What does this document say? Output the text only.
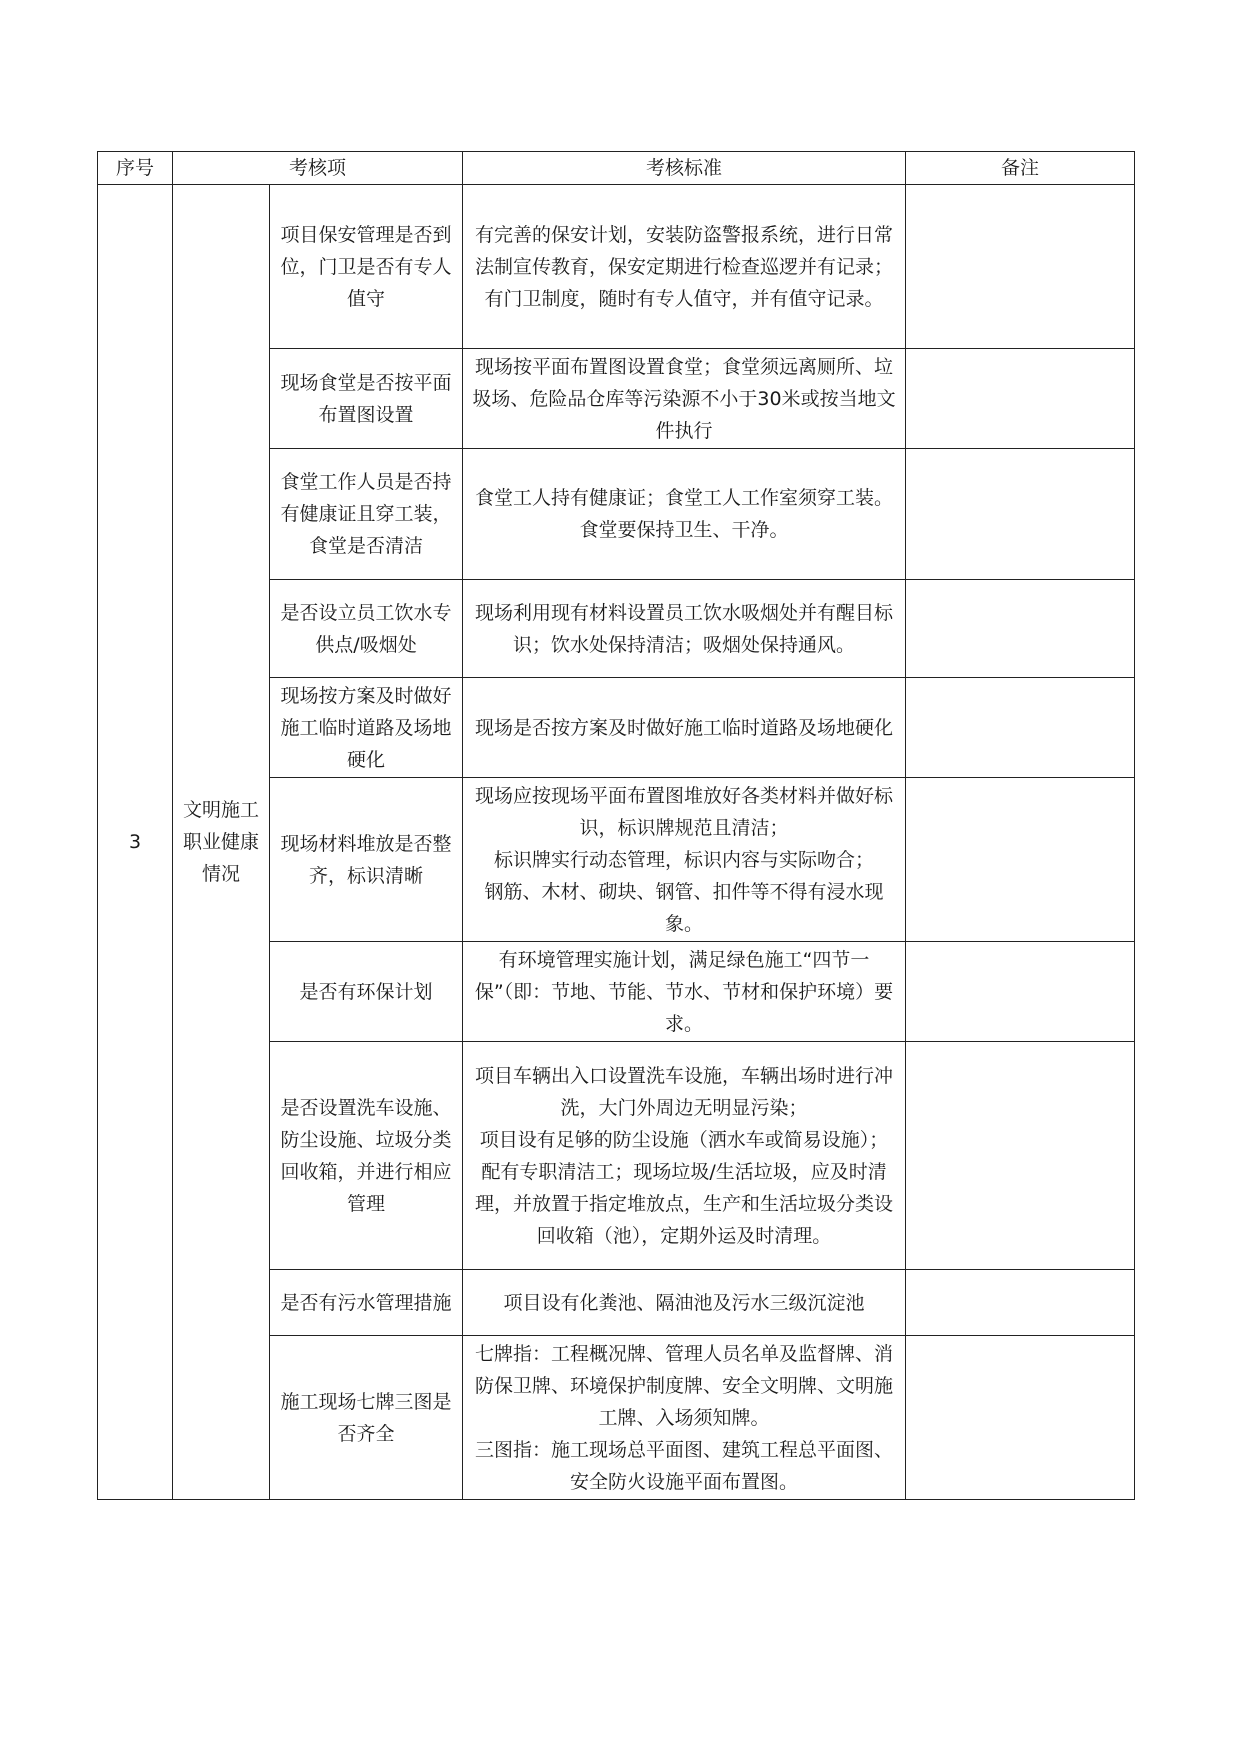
序号	考核项		考核标准	备注
3	文明施工职业健康情况	项目保安管理是否到位，门卫是否有专人值守	有完善的保安计划，安装防盗警报系统，进行日常法制宣传教育，保安定期进行检查巡逻并有记录；
有门卫制度，随时有专人值守，并有值守记录。	

		现场食堂是否按平面布置图设置	现场按平面布置图设置食堂；食堂须远离厕所、垃圾场、危险品仓库等污染源不小于30米或按当地文件执行	

		食堂工作人员是否持有健康证且穿工装，食堂是否清洁	食堂工人持有健康证；食堂工人工作室须穿工装。食堂要保持卫生、干净。	

		是否设立员工饮水专供点/吸烟处	现场利用现有材料设置员工饮水吸烟处并有醒目标识；饮水处保持清洁；吸烟处保持通风。	

		现场按方案及时做好施工临时道路及场地硬化	现场是否按方案及时做好施工临时道路及场地硬化	

		现场材料堆放是否整齐，标识清晰	现场应按现场平面布置图堆放好各类材料并做好标识，标识牌规范且清洁；
标识牌实行动态管理，标识内容与实际吻合；
钢筋、木材、砌块、钢管、扣件等不得有浸水现象。	

		是否有环保计划	有环境管理实施计划，满足绿色施工“四节一保”（即：节地、节能、节水、节材和保护环境）要求。	

		是否设置洗车设施、防尘设施、垃圾分类回收箱，并进行相应管理	项目车辆出入口设置洗车设施，车辆出场时进行冲洗，大门外周边无明显污染；
项目设有足够的防尘设施（洒水车或简易设施）；
配有专职清洁工；现场垃圾/生活垃圾，应及时清理，并放置于指定堆放点，生产和生活垃圾分类设回收箱（池），定期外运及时清理。	

		是否有污水管理措施	项目设有化粪池、隔油池及污水三级沉淀池	

		施工现场七牌三图是否齐全	七牌指：工程概况牌、管理人员名单及监督牌、消防保卫牌、环境保护制度牌、安全文明牌、文明施工牌、入场须知牌。
三图指：施工现场总平面图、建筑工程总平面图、安全防火设施平面布置图。	
